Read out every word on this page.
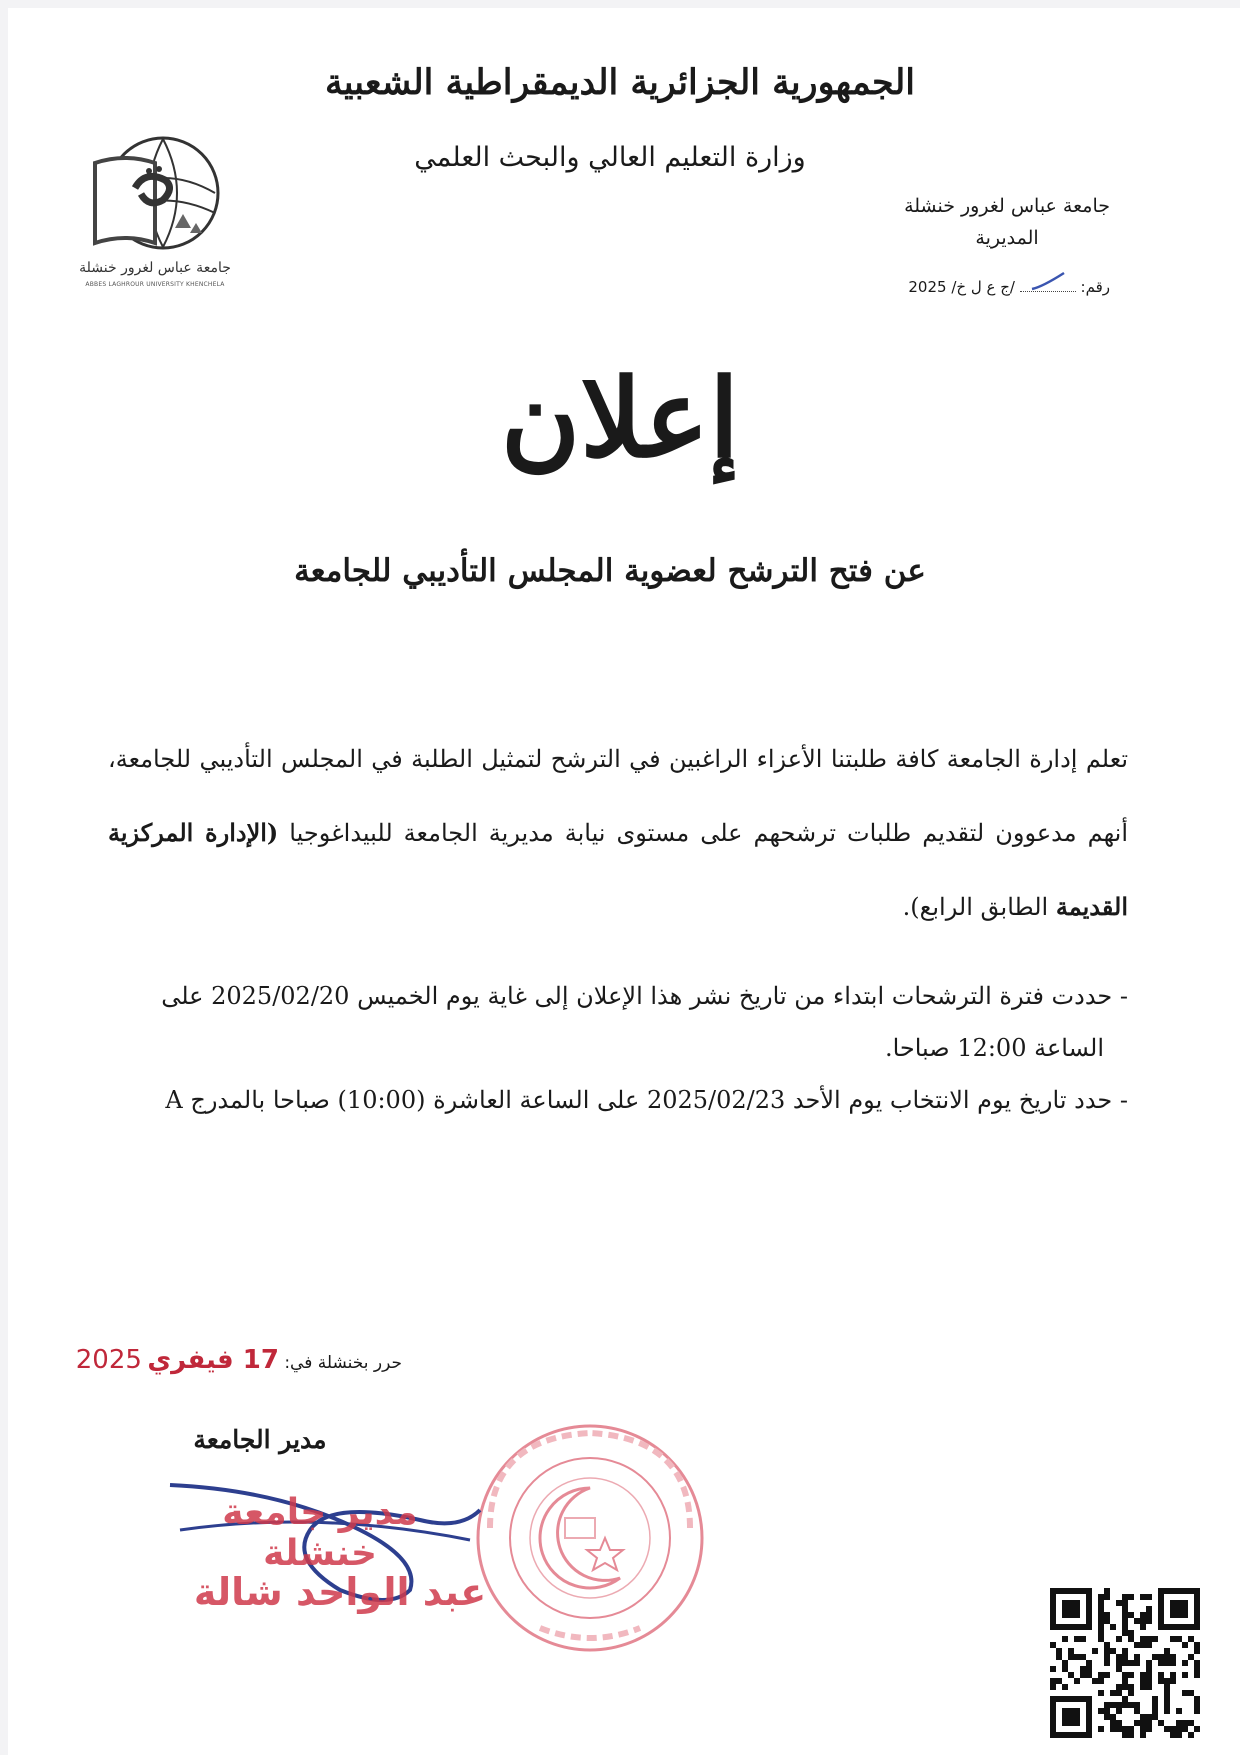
الجمهورية الجزائرية الديمقراطية الشعبية
وزارة التعليم العالي والبحث العلمي
جامعة عباس لغرور خنشلة
ABBES LAGHROUR UNIVERSITY KHENCHELA
جامعة عباس لغرور خنشلة
المديرية
رقم:
/ج ع ل خ/ 2025
إعلان
عن فتح الترشح لعضوية المجلس التأديبي للجامعة
تعلم إدارة الجامعة كافة طلبتنا الأعزاء الراغبين في الترشح لتمثيل الطلبة في المجلس التأديبي للجامعة، أنهم مدعوون لتقديم طلبات ترشحهم على مستوى نيابة مديرية الجامعة للبيداغوجيا (الإدارة المركزية القديمة الطابق الرابع).
- حددت فترة الترشحات ابتداء من تاريخ نشر هذا الإعلان إلى غاية يوم الخميس 2025/02/20 على
الساعة 12:00 صباحا.
- حدد تاريخ يوم الانتخاب يوم الأحد 2025/02/23 على الساعة العاشرة (10:00) صباحا بالمدرج A
حرر بخنشلة في: 17 فيفري 2025
مدير الجامعة
مدير جامعة خنشلة
عبد الواحد شالة
